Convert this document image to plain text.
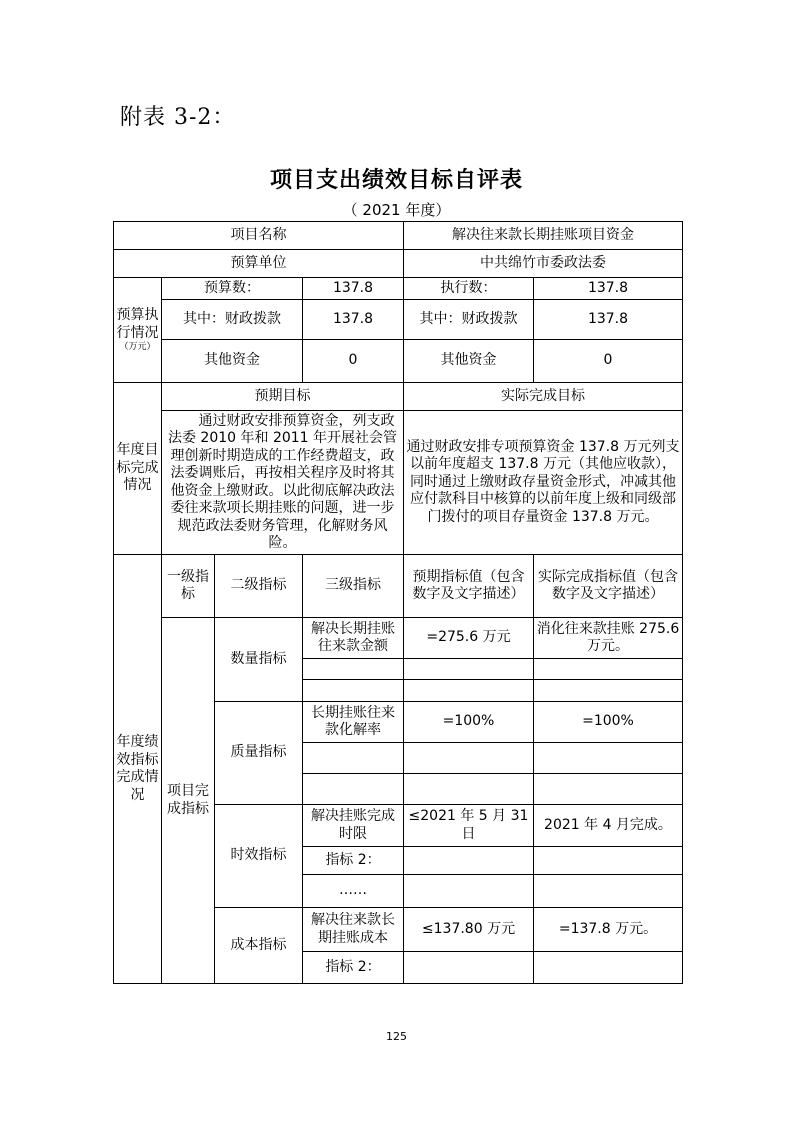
附表 3-2：
项目支出绩效目标自评表
（ 2021 年度）
项目名称				解决往来款长期挂账项目资金	
预算单位				中共绵竹市委政法委	
预算执行情况
（万元）	预算数：		137.8	执行数：	137.8
	其中：财政拨款		137.8	其中：财政拨款	137.8
	其他资金		0	其他资金	0
年度目标完成情况	预期目标			实际完成目标	
	通过财政安排预算资金，列支政法委 2010 年和 2011 年开展社会管理创新时期造成的工作经费超支，政法委调账后，再按相关程序及时将其他资金上缴财政。以此彻底解决政法委往来款项长期挂账的问题，进一步规范政法委财务管理，化解财务风险。			通过财政安排专项预算资金 137.8 万元列支以前年度超支 137.8 万元（其他应收款），同时通过上缴财政存量资金形式，冲减其他应付款科目中核算的以前年度上级和同级部门拨付的项目存量资金 137.8 万元。	
年度绩效指标完成情况	一级指标	二级指标	三级指标	预期指标值（包含数字及文字描述）	实际完成指标值（包含数字及文字描述）
	项目完成指标	数量指标	解决长期挂账往来款金额	=275.6 万元	消化往来款挂账 275.6 万元。

		质量指标	长期挂账往来款化解率	=100%	=100%

		时效指标	解决挂账完成时限	≤2021 年 5 月 31 日	2021 年 4 月完成。
			指标 2：		
			……		
		成本指标	解决往来款长期挂账成本	≤137.80 万元	=137.8 万元。
			指标 2：		
125
